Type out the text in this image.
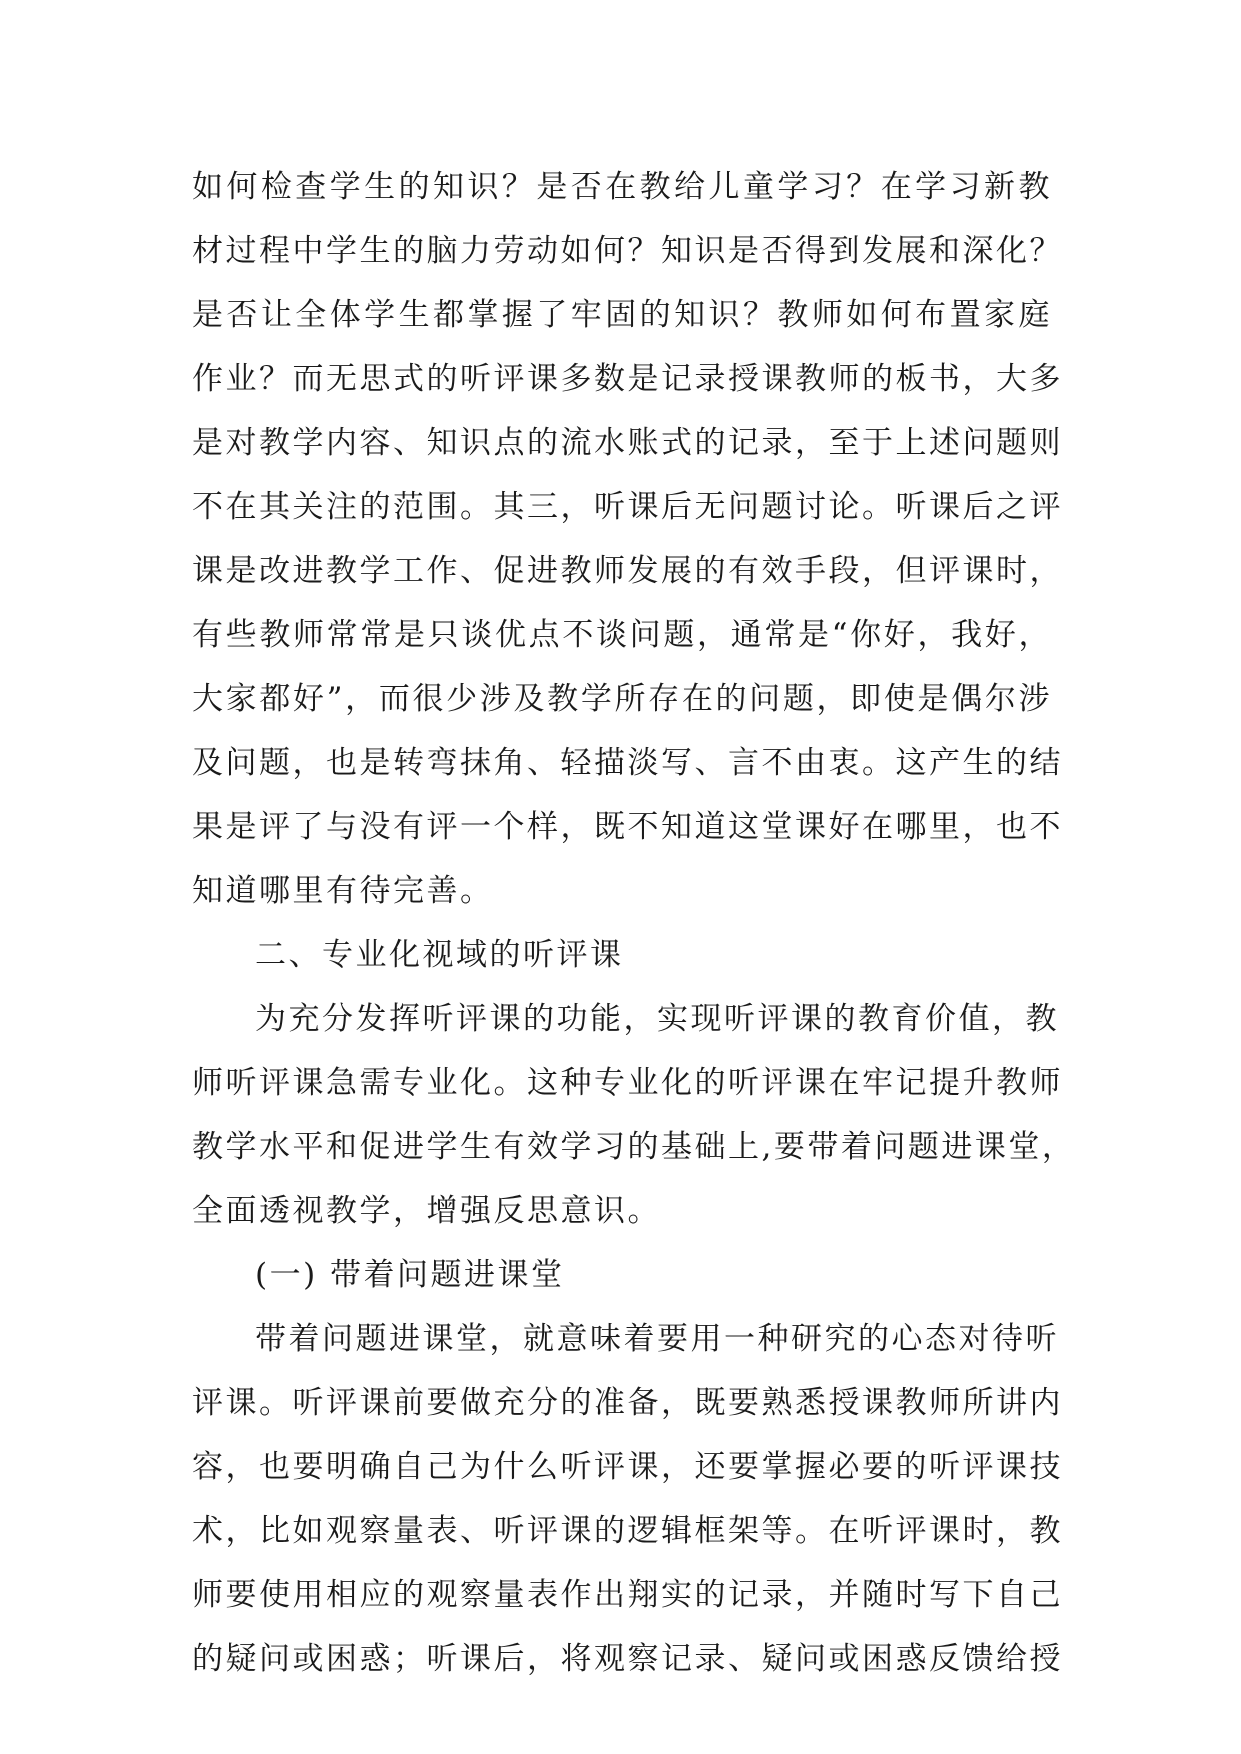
如何检查学生的知识？是否在教给儿童学习？在学习新教
材过程中学生的脑力劳动如何？知识是否得到发展和深化？
是否让全体学生都掌握了牢固的知识？教师如何布置家庭
作业？而无思式的听评课多数是记录授课教师的板书，大多
是对教学内容、知识点的流水账式的记录，至于上述问题则
不在其关注的范围。其三，听课后无问题讨论。听课后之评
课是改进教学工作、促进教师发展的有效手段，但评课时，
有些教师常常是只谈优点不谈问题，通常是“你好，我好，
大家都好”，而很少涉及教学所存在的问题，即使是偶尔涉
及问题，也是转弯抹角、轻描淡写、言不由衷。这产生的结
果是评了与没有评一个样，既不知道这堂课好在哪里，也不
知道哪里有待完善。
二、专业化视域的听评课
为充分发挥听评课的功能，实现听评课的教育价值，教
师听评课急需专业化。这种专业化的听评课在牢记提升教师
教学水平和促进学生有效学习的基础上,要带着问题进课堂，
全面透视教学，增强反思意识。
(一) 带着问题进课堂
带着问题进课堂，就意味着要用一种研究的心态对待听
评课。听评课前要做充分的准备，既要熟悉授课教师所讲内
容，也要明确自己为什么听评课，还要掌握必要的听评课技
术，比如观察量表、听评课的逻辑框架等。在听评课时，教
师要使用相应的观察量表作出翔实的记录，并随时写下自己
的疑问或困惑；听课后，将观察记录、疑问或困惑反馈给授
